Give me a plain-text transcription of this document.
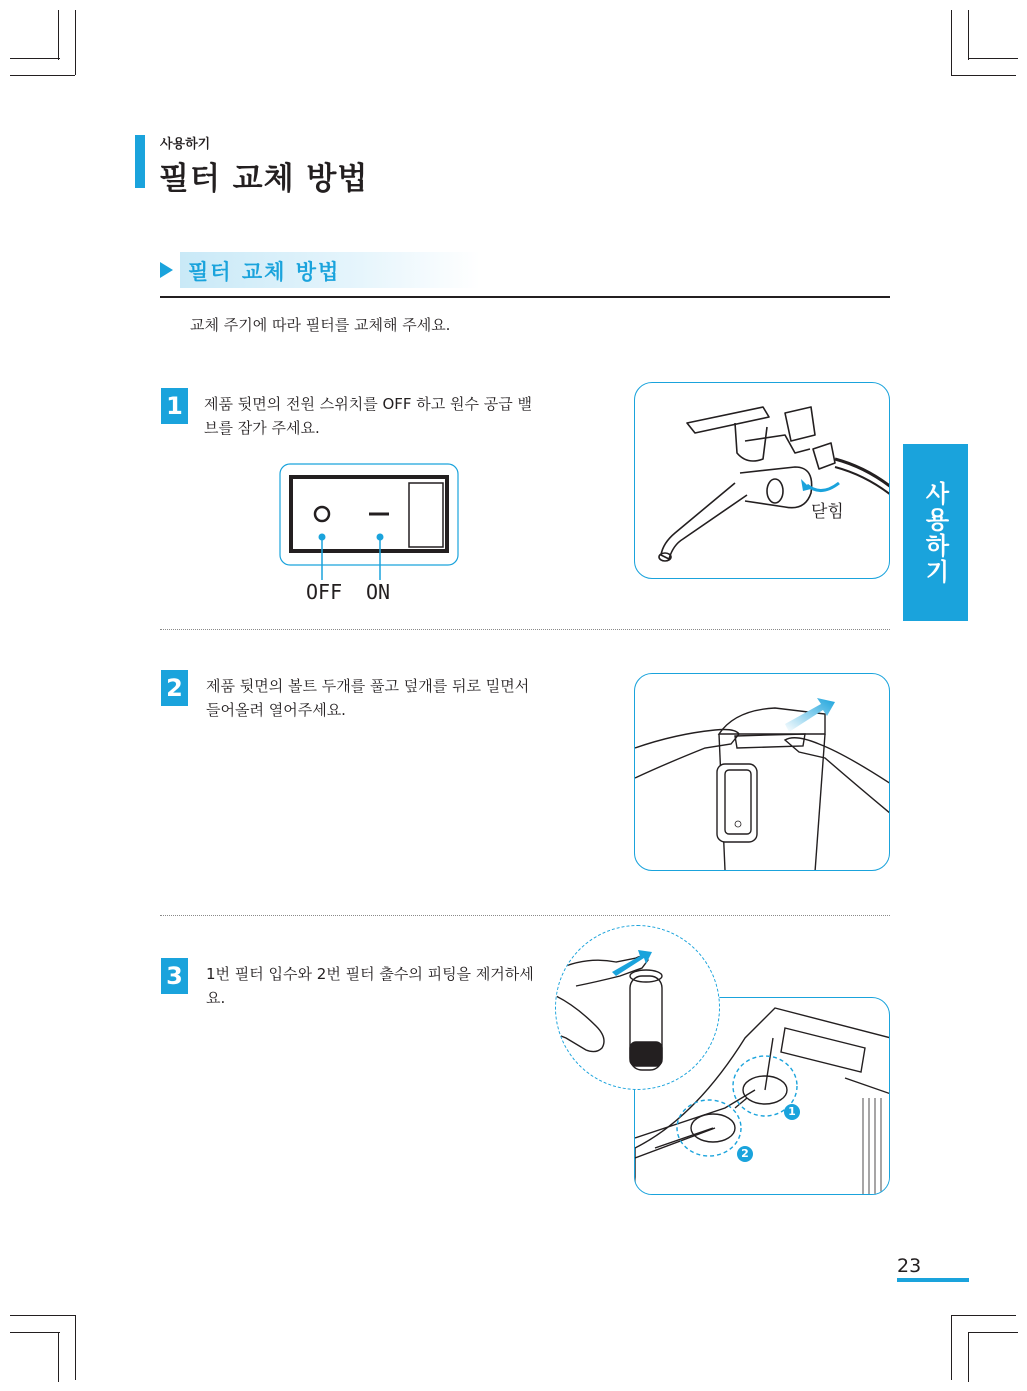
사용하기
필터 교체 방법
필터 교체 방법
교체 주기에 따라 필터를 교체해 주세요.
1	제품 뒷면의 전원 스위치를 OFF 하고 원수 공급 밸브를 잠가 주세요.
OFF ON
닫힘
2	제품 뒷면의 볼트 두개를 풀고 덮개를 뒤로 밀면서 들어올려 열어주세요.
3	1번 필터 입수와 2번 필터 출수의 피팅을 제거하세요.
1
2
사용하기
23
